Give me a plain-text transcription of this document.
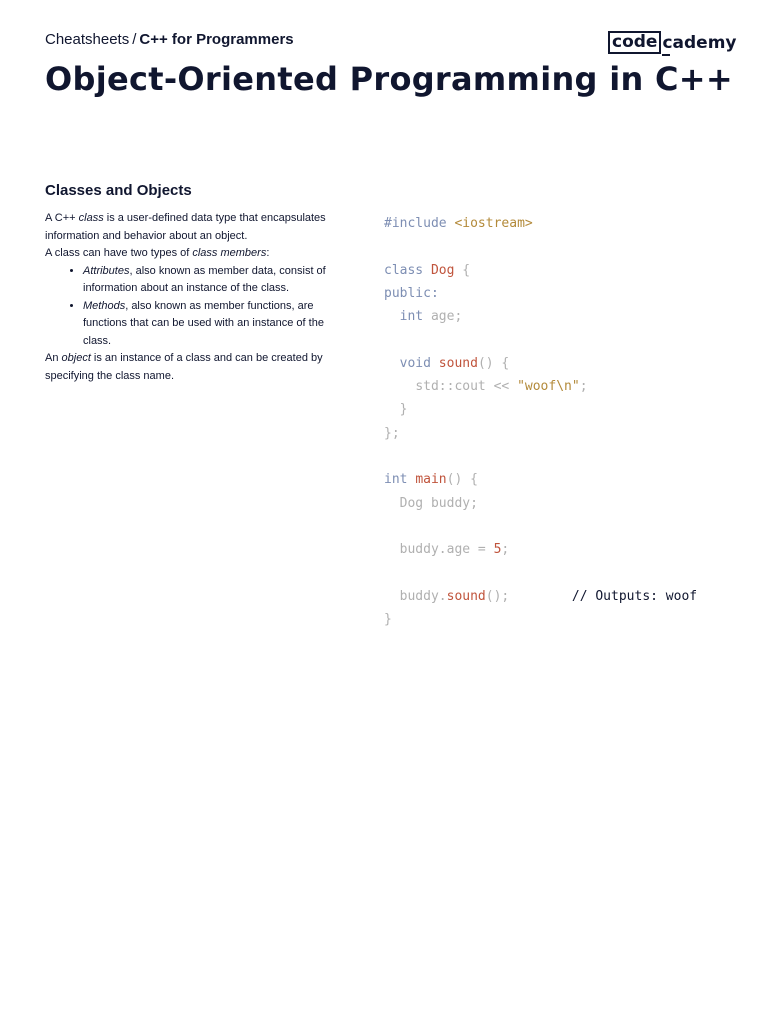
Cheatsheets / C++ for Programmers	code cademy
Object-Oriented Programming in C++
Classes and Objects

A C++ class is a user-defined data type that encapsulates information and behavior about an object.

A class can have two types of class members:

• Attributes, also known as member data, consist of information about an instance of the class.
• Methods, also known as member functions, are functions that can be used with an instance of the class.

An object is an instance of a class and can be created by specifying the class name.

#include <iostream>
class Dog {
public:
int age;
void sound() {
std::cout << "woof\n";
}
};
int main() {
Dog buddy;
buddy.age = 5;
buddy.sound();	// Outputs: woof
}
